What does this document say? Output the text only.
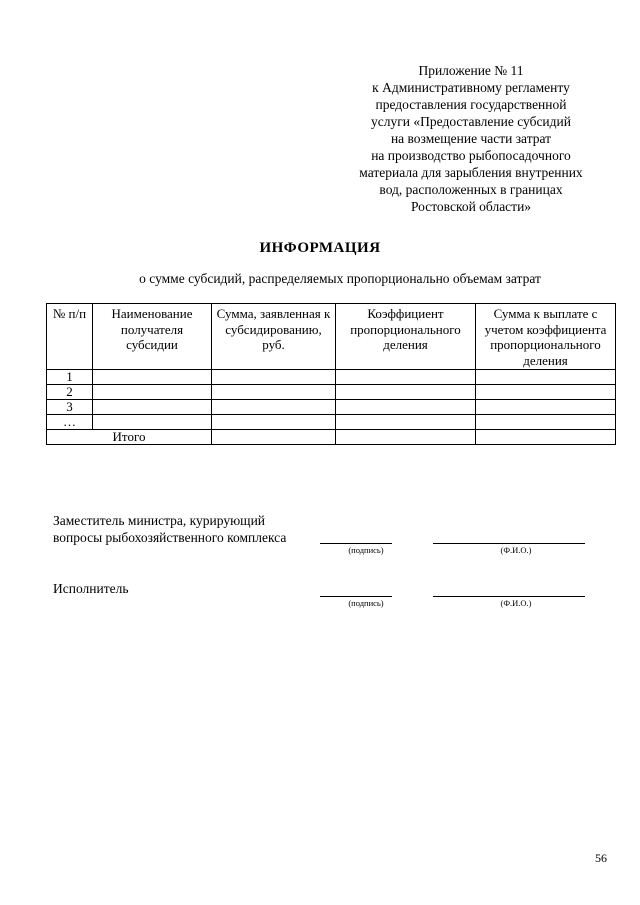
Приложение № 11
к Административному регламенту
предоставления государственной
услуги «Предоставление субсидий
на возмещение части затрат
на производство рыбопосадочного
материала для зарыбления внутренних
вод, расположенных в границах
Ростовской области»
ИНФОРМАЦИЯ
о сумме субсидий, распределяемых пропорционально объемам затрат
№ п/п	Наименование получателя субсидии	Сумма, заявленная к субсидированию, руб.	Коэффициент пропорционального деления	Сумма к выплате с учетом коэффициента пропорционального деления
1				
2				
3				
…				
Итого				
Заместитель министра, курирующий
вопросы рыбохозяйственного комплекса
(подпись)	(Ф.И.О.)
Исполнитель
(подпись)	(Ф.И.О.)
56
